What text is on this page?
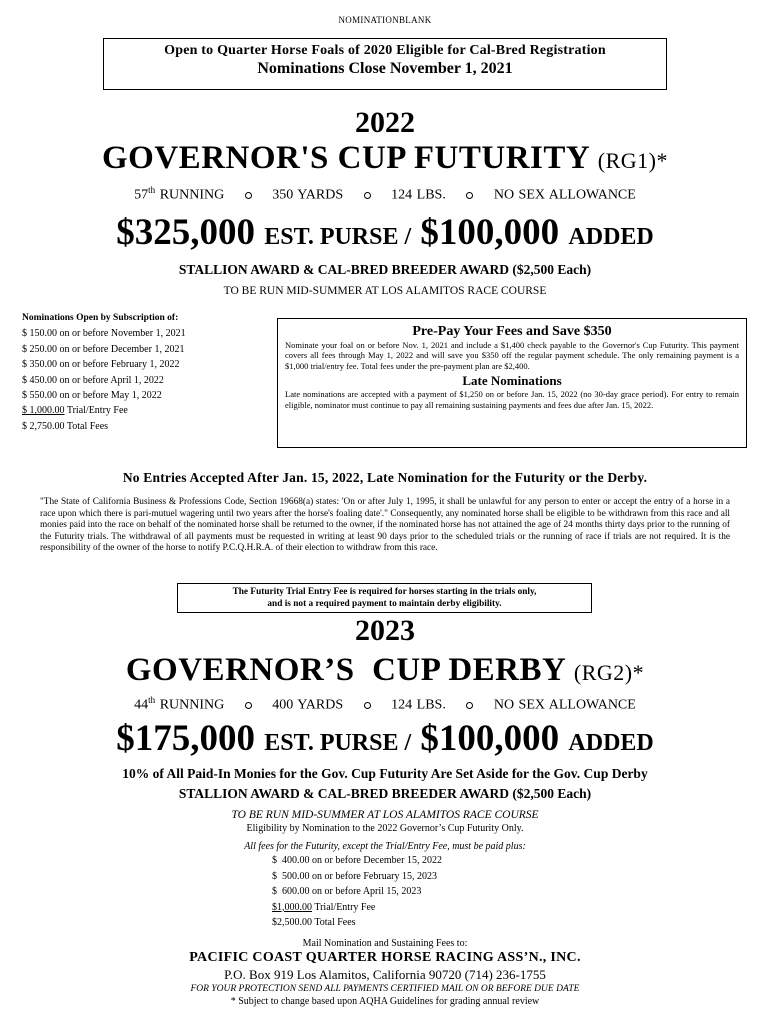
NOMINATIONBLANK
Open to Quarter Horse Foals of 2020 Eligible for Cal-Bred Registration
Nominations Close November 1, 2021
2022
GOVERNOR'S CUP FUTURITY (RG1)*
57th RUNNING	350 YARDS	124 LBS.	NO SEX ALLOWANCE
$325,000 EST. PURSE / $100,000 ADDED
STALLION AWARD & CAL-BRED BREEDER AWARD ($2,500 Each)
TO BE RUN MID-SUMMER AT LOS ALAMITOS RACE COURSE
Nominations Open by Subscription of:
$ 150.00 on or before November 1, 2021
$ 250.00 on or before December 1, 2021
$ 350.00 on or before February 1, 2022
$ 450.00 on or before April 1, 2022
$ 550.00 on or before May 1, 2022
$ 1,000.00 Trial/Entry Fee
$ 2,750.00 Total Fees
Pre-Pay Your Fees and Save $350
Nominate your foal on or before Nov. 1, 2021 and include a $1,400 check payable to the Governor's Cup Futurity. This payment covers all fees through May 1, 2022 and will save you $350 off the regular payment schedule. The only remaining payment is a $1,000 trial/entry fee. Total fees under the pre-payment plan are $2,400.
Late Nominations
Late nominations are accepted with a payment of $1,250 on or before Jan. 15, 2022 (no 30-day grace period). For entry to remain eligible, nominator must continue to pay all remaining sustaining payments and fees due after Jan. 15, 2022.
No Entries Accepted After Jan. 15, 2022, Late Nomination for the Futurity or the Derby.
"The State of California Business & Professions Code, Section 19668(a) states: 'On or after July 1, 1995, it shall be unlawful for any person to enter or accept the entry of a horse in a race upon which there is pari-mutuel wagering until two years after the horse's foaling date'." Consequently, any nominated horse shall be eligible to be withdrawn from this race and all monies paid into the race on behalf of the nominated horse shall be returned to the owner, if the nominated horse has not attained the age of 24 months thirty days prior to the running of the Futurity trials. The withdrawal of all payments must be requested in writing at least 90 days prior to the scheduled trials or the running of race if trials are not required. It is the responsibility of the owner of the horse to notify P.C.Q.H.R.A. of their election to withdraw from this race.
The Futurity Trial Entry Fee is required for horses starting in the trials only,
and is not a required payment to maintain derby eligibility.
2023
GOVERNOR’S  CUP DERBY (RG2)*
44th RUNNING	400 YARDS	124 LBS.	NO SEX ALLOWANCE
$175,000 EST. PURSE / $100,000 ADDED
10% of All Paid-In Monies for the Gov. Cup Futurity Are Set Aside for the Gov. Cup Derby
STALLION AWARD & CAL-BRED BREEDER AWARD ($2,500 Each)
TO BE RUN MID-SUMMER AT LOS ALAMITOS RACE COURSE
Eligibility by Nomination to the 2022 Governor’s Cup Futurity Only.
All fees for the Futurity, except the Trial/Entry Fee, must be paid plus:
$  400.00 on or before December 15, 2022
$  500.00 on or before February 15, 2023
$  600.00 on or before April 15, 2023
$1,000.00 Trial/Entry Fee
$2,500.00 Total Fees
Mail Nomination and Sustaining Fees to:
PACIFIC COAST QUARTER HORSE RACING ASS’N., INC.
P.O. Box 919 Los Alamitos, California 90720 (714) 236-1755
FOR YOUR PROTECTION SEND ALL PAYMENTS CERTIFIED MAIL ON OR BEFORE DUE DATE
* Subject to change based upon AQHA Guidelines for grading annual review
